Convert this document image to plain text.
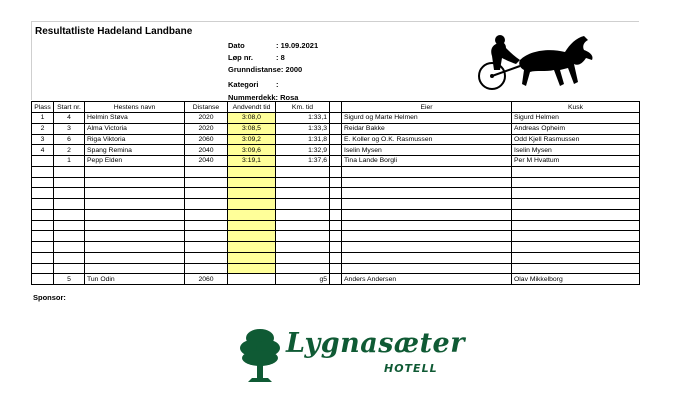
Resultatliste Hadeland Landbane
Dato	: 19.09.2021
Løp nr.	: 8
Grunndistanse: 2000
Kategori :
Nummerdekk: Rosa
Plass	Start nr.	Hestens navn	Distanse	Andvendt tid	Km. tid		Eier	Kusk
1	4	Helmin Støva	2020	3:08,0	1:33,1		Sigurd og Marte Helmen	Sigurd Helmen
2	3	Alma Victoria	2020	3:08,5	1:33,3		Reidar Bakke	Andreas Opheim
3	6	Riga Viktoria	2060	3:09,2	1:31,8		E. Koller og O.K. Rasmussen	Odd Kjell Rasmussen
4	2	Spang Remina	2040	3:09,6	1:32,9		Iselin Mysen	Iselin Mysen
	1	Pepp Elden	2040	3:19,1	1:37,6		Tina Lande Borgli	Per M Hvattum

	5	Tun Odin	2060		g5		Anders Andersen	Olav Mikkelborg
Sponsor:
Lygnasæter
HOTELL
